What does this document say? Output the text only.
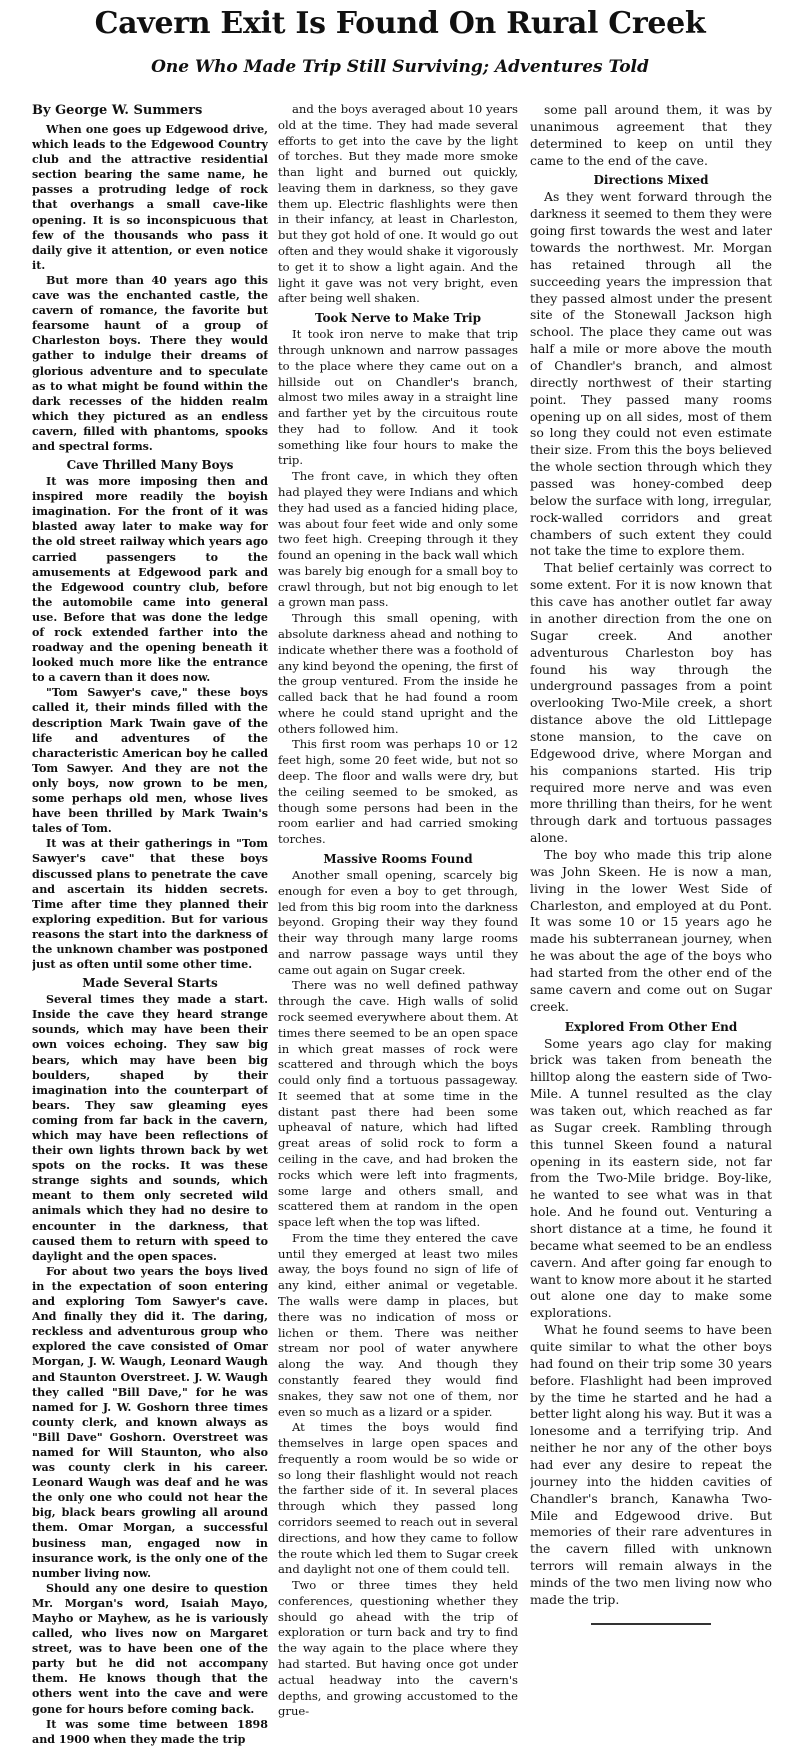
Cavern Exit Is Found On Rural Creek
One Who Made Trip Still Surviving; Adventures Told
By George W. Summers

When one goes up Edgewood drive, which leads to the Edgewood Country club and the attractive residential section bearing the same name, he passes a protruding ledge of rock that overhangs a small cave-like opening. It is so inconspicuous that few of the thousands who pass it daily give it attention, or even notice it.

But more than 40 years ago this cave was the enchanted castle, the cavern of romance, the favorite but fearsome haunt of a group of Charleston boys. There they would gather to indulge their dreams of glorious adventure and to speculate as to what might be found within the dark recesses of the hidden realm which they pictured as an endless cavern, filled with phantoms, spooks and spectral forms.

Cave Thrilled Many Boys

It was more imposing then and inspired more readily the boyish imagination. For the front of it was blasted away later to make way for the old street railway which years ago carried passengers to the amusements at Edgewood park and the Edgewood country club, before the automobile came into general use. Before that was done the ledge of rock extended farther into the roadway and the opening beneath it looked much more like the entrance to a cavern than it does now.

"Tom Sawyer's cave," these boys called it, their minds filled with the description Mark Twain gave of the life and adventures of the characteristic American boy he called Tom Sawyer. And they are not the only boys, now grown to be men, some perhaps old men, whose lives have been thrilled by Mark Twain's tales of Tom.

It was at their gatherings in "Tom Sawyer's cave" that these boys discussed plans to penetrate the cave and ascertain its hidden secrets. Time after time they planned their exploring expedition. But for various reasons the start into the darkness of the unknown chamber was postponed just as often until some other time.

Made Several Starts

Several times they made a start. Inside the cave they heard strange sounds, which may have been their own voices echoing. They saw big bears, which may have been big boulders, shaped by their imagination into the counterpart of bears. They saw gleaming eyes coming from far back in the cavern, which may have been reflections of their own lights thrown back by wet spots on the rocks. It was these strange sights and sounds, which meant to them only secreted wild animals which they had no desire to encounter in the darkness, that caused them to return with speed to daylight and the open spaces.

For about two years the boys lived in the expectation of soon entering and exploring Tom Sawyer's cave. And finally they did it. The daring, reckless and adventurous group who explored the cave consisted of Omar Morgan, J. W. Waugh, Leonard Waugh and Staunton Overstreet. J. W. Waugh they called "Bill Dave," for he was named for J. W. Goshorn three times county clerk, and known always as "Bill Dave" Goshorn. Overstreet was named for Will Staunton, who also was county clerk in his career. Leonard Waugh was deaf and he was the only one who could not hear the big, black bears growling all around them. Omar Morgan, a successful business man, engaged now in insurance work, is the only one of the number living now.

Should any one desire to question Mr. Morgan's word, Isaiah Mayo, Mayho or Mayhew, as he is variously called, who lives now on Margaret street, was to have been one of the party but he did not accompany them. He knows though that the others went into the cave and were gone for hours before coming back.

It was some time between 1898 and 1900 when they made the trip

and the boys averaged about 10 years old at the time. They had made several efforts to get into the cave by the light of torches. But they made more smoke than light and burned out quickly, leaving them in darkness, so they gave them up. Electric flashlights were then in their infancy, at least in Charleston, but they got hold of one. It would go out often and they would shake it vigorously to get it to show a light again. And the light it gave was not very bright, even after being well shaken.

Took Nerve to Make Trip

It took iron nerve to make that trip through unknown and narrow passages to the place where they came out on a hillside out on Chandler's branch, almost two miles away in a straight line and farther yet by the circuitous route they had to follow. And it took something like four hours to make the trip.

The front cave, in which they often had played they were Indians and which they had used as a fancied hiding place, was about four feet wide and only some two feet high. Creeping through it they found an opening in the back wall which was barely big enough for a small boy to crawl through, but not big enough to let a grown man pass.

Through this small opening, with absolute darkness ahead and nothing to indicate whether there was a foothold of any kind beyond the opening, the first of the group ventured. From the inside he called back that he had found a room where he could stand upright and the others followed him.

This first room was perhaps 10 or 12 feet high, some 20 feet wide, but not so deep. The floor and walls were dry, but the ceiling seemed to be smoked, as though some persons had been in the room earlier and had carried smoking torches.

Massive Rooms Found

Another small opening, scarcely big enough for even a boy to get through, led from this big room into the darkness beyond. Groping their way they found their way through many large rooms and narrow passage ways until they came out again on Sugar creek.

There was no well defined pathway through the cave. High walls of solid rock seemed everywhere about them. At times there seemed to be an open space in which great masses of rock were scattered and through which the boys could only find a tortuous passageway. It seemed that at some time in the distant past there had been some upheaval of nature, which had lifted great areas of solid rock to form a ceiling in the cave, and had broken the rocks which were left into fragments, some large and others small, and scattered them at random in the open space left when the top was lifted.

From the time they entered the cave until they emerged at least two miles away, the boys found no sign of life of any kind, either animal or vegetable. The walls were damp in places, but there was no indication of moss or lichen or them. There was neither stream nor pool of water anywhere along the way. And though they constantly feared they would find snakes, they saw not one of them, nor even so much as a lizard or a spider.

At times the boys would find themselves in large open spaces and frequently a room would be so wide or so long their flashlight would not reach the farther side of it. In several places through which they passed long corridors seemed to reach out in several directions, and how they came to follow the route which led them to Sugar creek and daylight not one of them could tell.

Two or three times they held conferences, questioning whether they should go ahead with the trip of exploration or turn back and try to find the way again to the place where they had started. But having once got under actual headway into the cavern's depths, and growing accustomed to the grue-

some pall around them, it was by unanimous agreement that they determined to keep on until they came to the end of the cave.

Directions Mixed

As they went forward through the darkness it seemed to them they were going first towards the west and later towards the northwest. Mr. Morgan has retained through all the succeeding years the impression that they passed almost under the present site of the Stonewall Jackson high school. The place they came out was half a mile or more above the mouth of Chandler's branch, and almost directly northwest of their starting point. They passed many rooms opening up on all sides, most of them so long they could not even estimate their size. From this the boys believed the whole section through which they passed was honey-combed deep below the surface with long, irregular, rock-walled corridors and great chambers of such extent they could not take the time to explore them.

That belief certainly was correct to some extent. For it is now known that this cave has another outlet far away in another direction from the one on Sugar creek. And another adventurous Charleston boy has found his way through the underground passages from a point overlooking Two-Mile creek, a short distance above the old Littlepage stone mansion, to the cave on Edgewood drive, where Morgan and his companions started. His trip required more nerve and was even more thrilling than theirs, for he went through dark and tortuous passages alone.

The boy who made this trip alone was John Skeen. He is now a man, living in the lower West Side of Charleston, and employed at du Pont. It was some 10 or 15 years ago he made his subterranean journey, when he was about the age of the boys who had started from the other end of the same cavern and come out on Sugar creek.

Explored From Other End

Some years ago clay for making brick was taken from beneath the hilltop along the eastern side of Two-Mile. A tunnel resulted as the clay was taken out, which reached as far as Sugar creek. Rambling through this tunnel Skeen found a natural opening in its eastern side, not far from the Two-Mile bridge. Boy-like, he wanted to see what was in that hole. And he found out. Venturing a short distance at a time, he found it became what seemed to be an endless cavern. And after going far enough to want to know more about it he started out alone one day to make some explorations.

What he found seems to have been quite similar to what the other boys had found on their trip some 30 years before. Flashlight had been improved by the time he started and he had a better light along his way. But it was a lonesome and a terrifying trip. And neither he nor any of the other boys had ever any desire to repeat the journey into the hidden cavities of Chandler's branch, Kanawha Two-Mile and Edgewood drive. But memories of their rare adventures in the cavern filled with unknown terrors will remain always in the minds of the two men living now who made the trip.
